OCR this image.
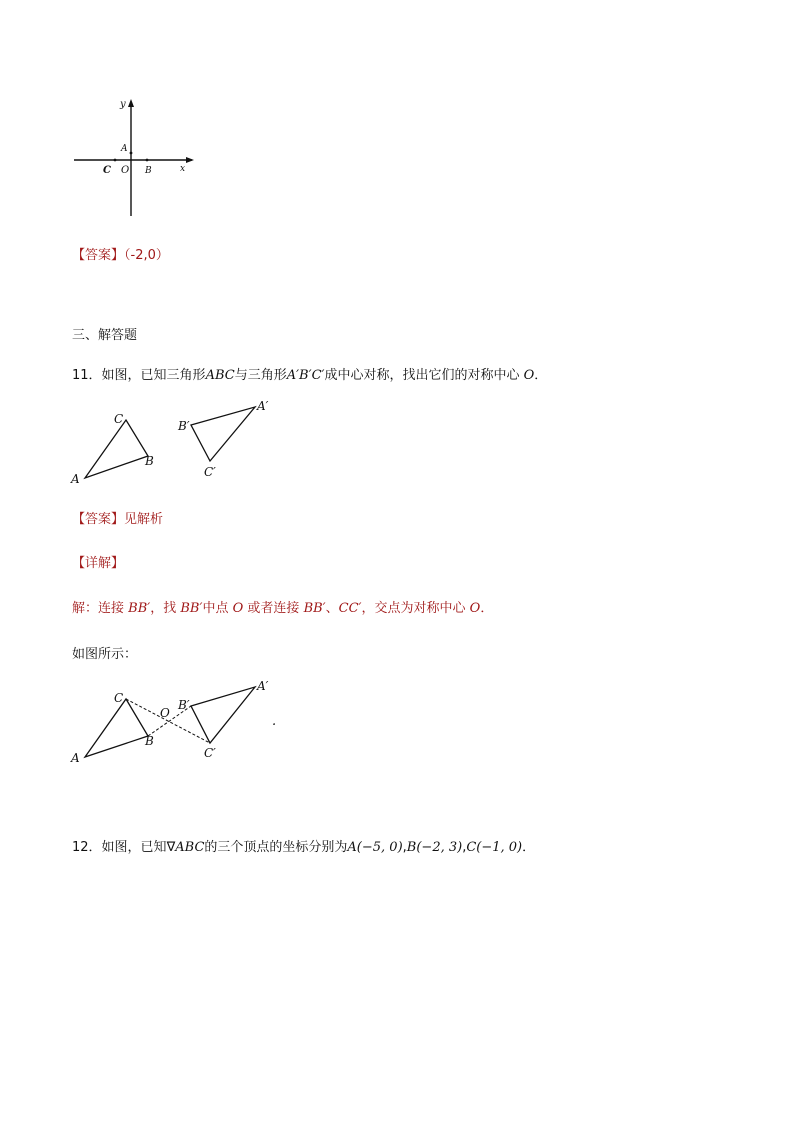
y
A
C O B	x
【答案】（-2,0）
三、解答题
11．如图，已知三角形ABC与三角形A′B′C′成中心对称，找出它们的对称中心 O．
C
A
B
B′
A′
C′
【答案】见解析
【详解】
解：连接 BB′，找 BB′中点 O 或者连接 BB′、CC′，交点为对称中心 O．
如图所示：
C
A
B
O
B′
A′
C′
.
12．如图，已知∇ABC的三个顶点的坐标分别为A(−5, 0),B(−2, 3),C(−1, 0)．
